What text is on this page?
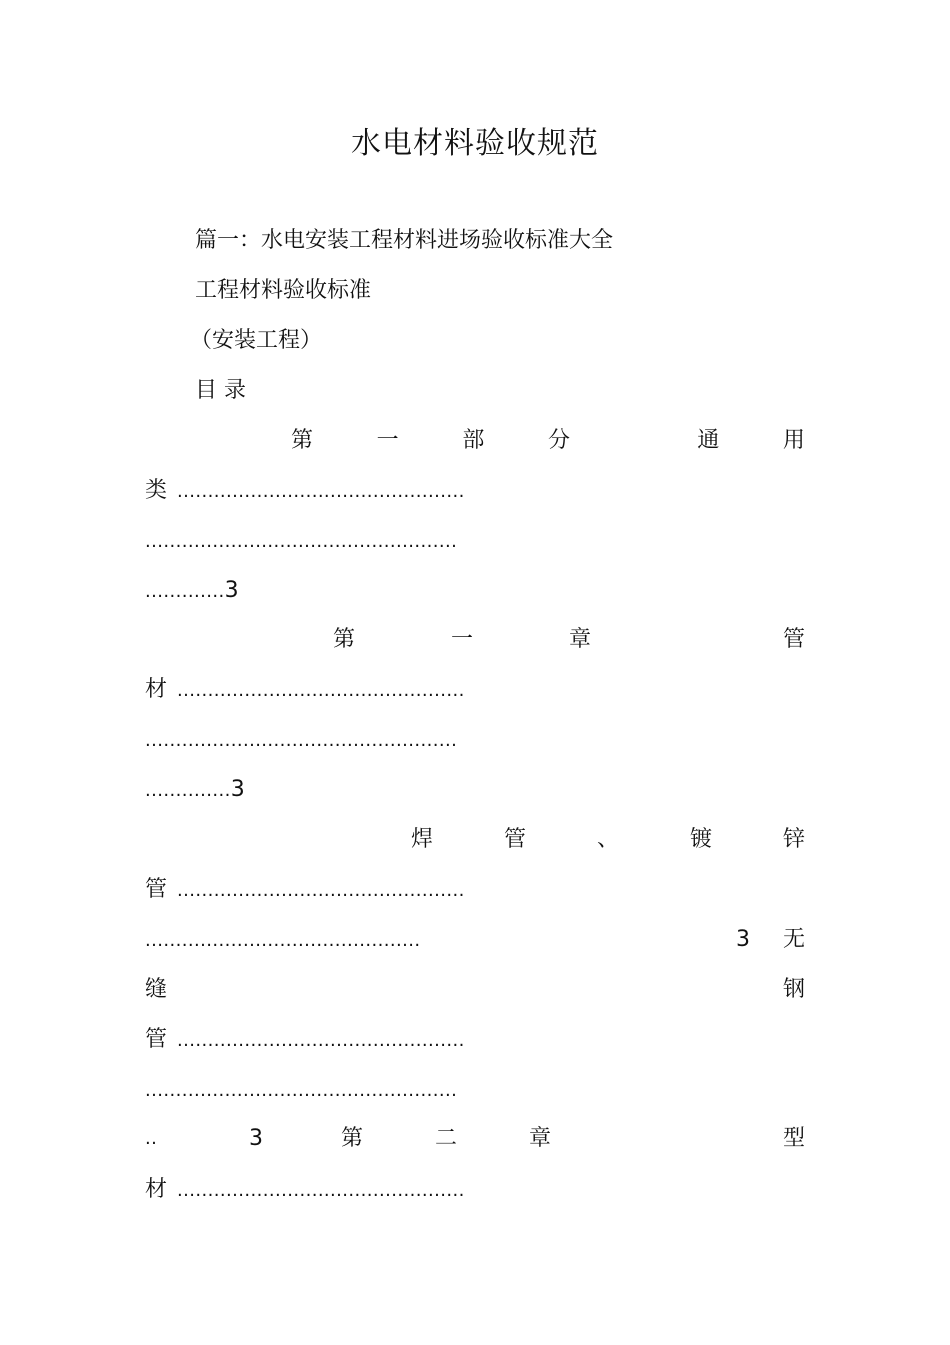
水电材料验收规范
篇一：水电安装工程材料进场验收标准大全
工程材料验收标准
（安装工程）
目 录
第	一	部	分	通	用
类 ...............................................
...................................................
.............3
第	一	章	管
材 ...............................................
...................................................
..............3
焊	管	、	镀	锌
管 ...............................................
.............................................	3 无
缝	钢
管 ...............................................
...................................................
..	3	第	二	章	型
材 ...............................................
